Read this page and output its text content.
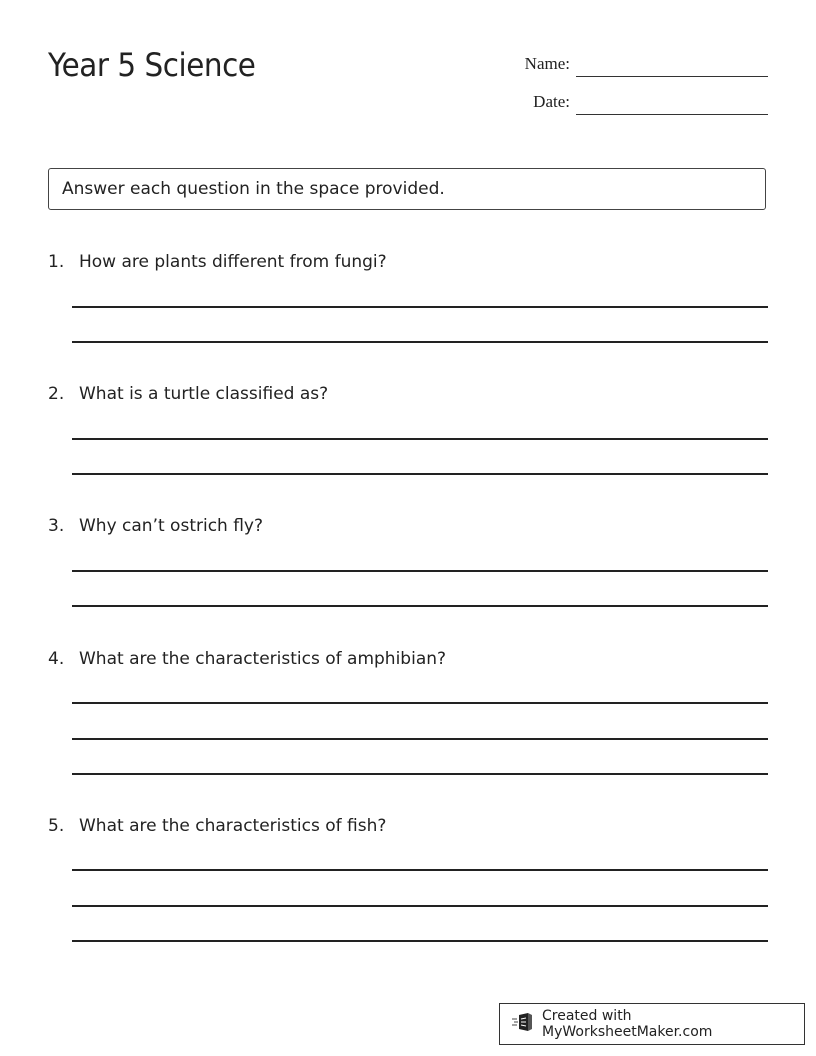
Year 5 Science	Name:
Date:
Answer each question in the space provided.
1. How are plants different from fungi?
2. What is a turtle classified as?
3. Why can’t ostrich fly?
4. What are the characteristics of amphibian?
5. What are the characteristics of fish?
Created with MyWorksheetMaker.com
